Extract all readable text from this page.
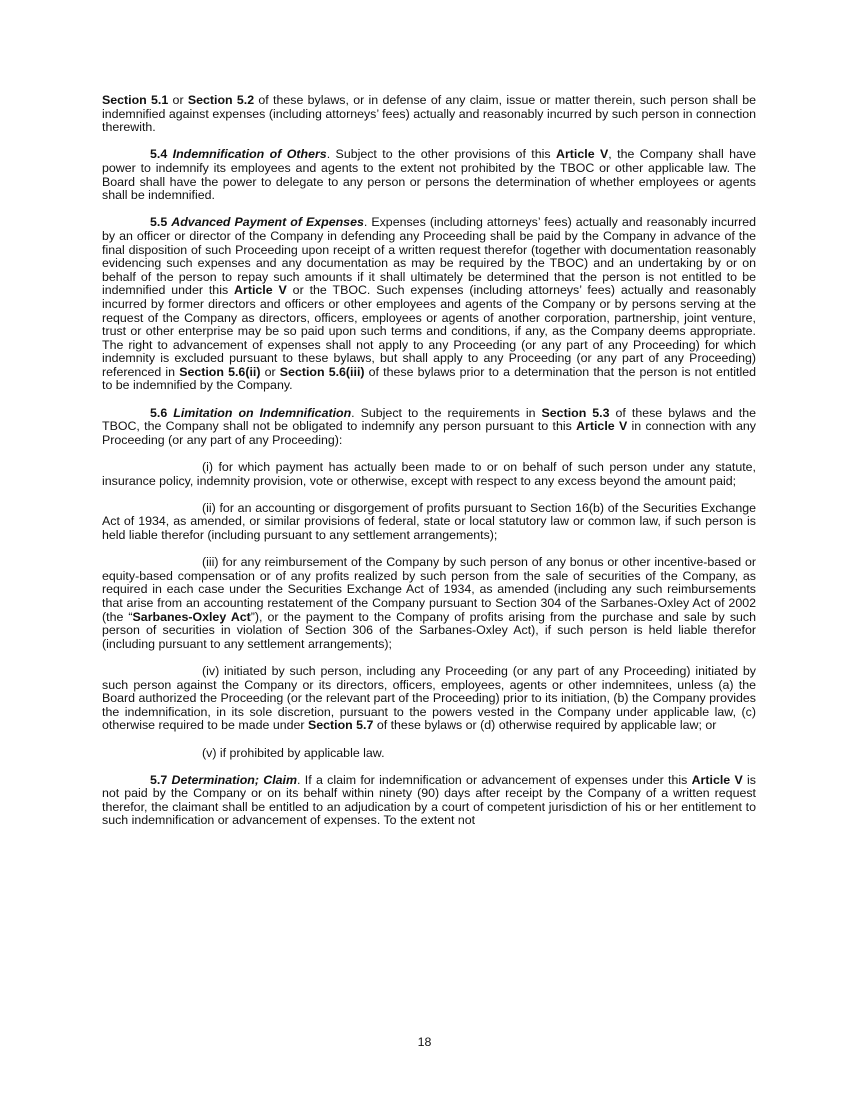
Section 5.1 or Section 5.2 of these bylaws, or in defense of any claim, issue or matter therein, such person shall be indemnified against expenses (including attorneys’ fees) actually and reasonably incurred by such person in connection therewith.

5.4 Indemnification of Others. Subject to the other provisions of this Article V, the Company shall have power to indemnify its employees and agents to the extent not prohibited by the TBOC or other applicable law. The Board shall have the power to delegate to any person or persons the determination of whether employees or agents shall be indemnified.

5.5 Advanced Payment of Expenses. Expenses (including attorneys’ fees) actually and reasonably incurred by an officer or director of the Company in defending any Proceeding shall be paid by the Company in advance of the final disposition of such Proceeding upon receipt of a written request therefor (together with documentation reasonably evidencing such expenses and any documentation as may be required by the TBOC) and an undertaking by or on behalf of the person to repay such amounts if it shall ultimately be determined that the person is not entitled to be indemnified under this Article V or the TBOC. Such expenses (including attorneys’ fees) actually and reasonably incurred by former directors and officers or other employees and agents of the Company or by persons serving at the request of the Company as directors, officers, employees or agents of another corporation, partnership, joint venture, trust or other enterprise may be so paid upon such terms and conditions, if any, as the Company deems appropriate. The right to advancement of expenses shall not apply to any Proceeding (or any part of any Proceeding) for which indemnity is excluded pursuant to these bylaws, but shall apply to any Proceeding (or any part of any Proceeding) referenced in Section 5.6(ii) or Section 5.6(iii) of these bylaws prior to a determination that the person is not entitled to be indemnified by the Company.

5.6 Limitation on Indemnification. Subject to the requirements in Section 5.3 of these bylaws and the TBOC, the Company shall not be obligated to indemnify any person pursuant to this Article V in connection with any Proceeding (or any part of any Proceeding):

(i) for which payment has actually been made to or on behalf of such person under any statute, insurance policy, indemnity provision, vote or otherwise, except with respect to any excess beyond the amount paid;

(ii) for an accounting or disgorgement of profits pursuant to Section 16(b) of the Securities Exchange Act of 1934, as amended, or similar provisions of federal, state or local statutory law or common law, if such person is held liable therefor (including pursuant to any settlement arrangements);

(iii) for any reimbursement of the Company by such person of any bonus or other incentive-based or equity-based compensation or of any profits realized by such person from the sale of securities of the Company, as required in each case under the Securities Exchange Act of 1934, as amended (including any such reimbursements that arise from an accounting restatement of the Company pursuant to Section 304 of the Sarbanes-Oxley Act of 2002 (the “Sarbanes-Oxley Act”), or the payment to the Company of profits arising from the purchase and sale by such person of securities in violation of Section 306 of the Sarbanes-Oxley Act), if such person is held liable therefor (including pursuant to any settlement arrangements);

(iv) initiated by such person, including any Proceeding (or any part of any Proceeding) initiated by such person against the Company or its directors, officers, employees, agents or other indemnitees, unless (a) the Board authorized the Proceeding (or the relevant part of the Proceeding) prior to its initiation, (b) the Company provides the indemnification, in its sole discretion, pursuant to the powers vested in the Company under applicable law, (c) otherwise required to be made under Section 5.7 of these bylaws or (d) otherwise required by applicable law; or

(v) if prohibited by applicable law.

5.7 Determination; Claim. If a claim for indemnification or advancement of expenses under this Article V is not paid by the Company or on its behalf within ninety (90) days after receipt by the Company of a written request therefor, the claimant shall be entitled to an adjudication by a court of competent jurisdiction of his or her entitlement to such indemnification or advancement of expenses. To the extent not

18
